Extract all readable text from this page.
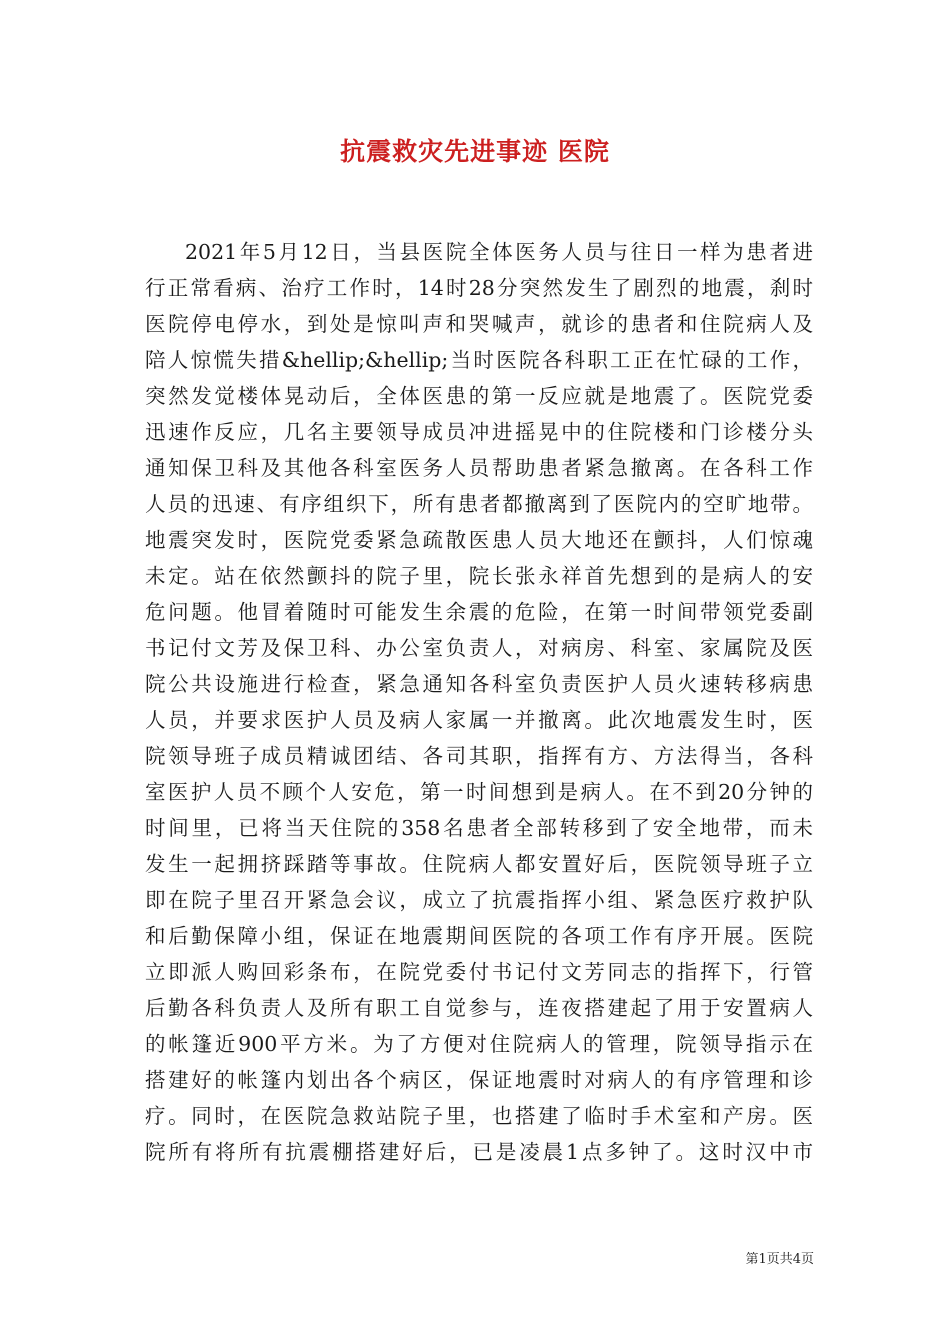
抗震救灾先进事迹 医院
2021年5月12日，当县医院全体医务人员与往日一样为患者进
行正常看病、治疗工作时，14时28分突然发生了剧烈的地震，刹时
医院停电停水，到处是惊叫声和哭喊声，就诊的患者和住院病人及
陪人惊慌失措&hellip;&hellip;当时医院各科职工正在忙碌的工作，
突然发觉楼体晃动后，全体医患的第一反应就是地震了。医院党委
迅速作反应，几名主要领导成员冲进摇晃中的住院楼和门诊楼分头
通知保卫科及其他各科室医务人员帮助患者紧急撤离。在各科工作
人员的迅速、有序组织下，所有患者都撤离到了医院内的空旷地带。
地震突发时，医院党委紧急疏散医患人员大地还在颤抖，人们惊魂
未定。站在依然颤抖的院子里，院长张永祥首先想到的是病人的安
危问题。他冒着随时可能发生余震的危险，在第一时间带领党委副
书记付文芳及保卫科、办公室负责人，对病房、科室、家属院及医
院公共设施进行检查，紧急通知各科室负责医护人员火速转移病患
人员，并要求医护人员及病人家属一并撤离。此次地震发生时，医
院领导班子成员精诚团结、各司其职，指挥有方、方法得当，各科
室医护人员不顾个人安危，第一时间想到是病人。在不到20分钟的
时间里，已将当天住院的358名患者全部转移到了安全地带，而未
发生一起拥挤踩踏等事故。住院病人都安置好后，医院领导班子立
即在院子里召开紧急会议，成立了抗震指挥小组、紧急医疗救护队
和后勤保障小组，保证在地震期间医院的各项工作有序开展。医院
立即派人购回彩条布，在院党委付书记付文芳同志的指挥下，行管
后勤各科负责人及所有职工自觉参与，连夜搭建起了用于安置病人
的帐篷近900平方米。为了方便对住院病人的管理，院领导指示在
搭建好的帐篷内划出各个病区，保证地震时对病人的有序管理和诊
疗。同时，在医院急救站院子里，也搭建了临时手术室和产房。医
院所有将所有抗震棚搭建好后，已是凌晨1点多钟了。这时汉中市
第1页共4页
